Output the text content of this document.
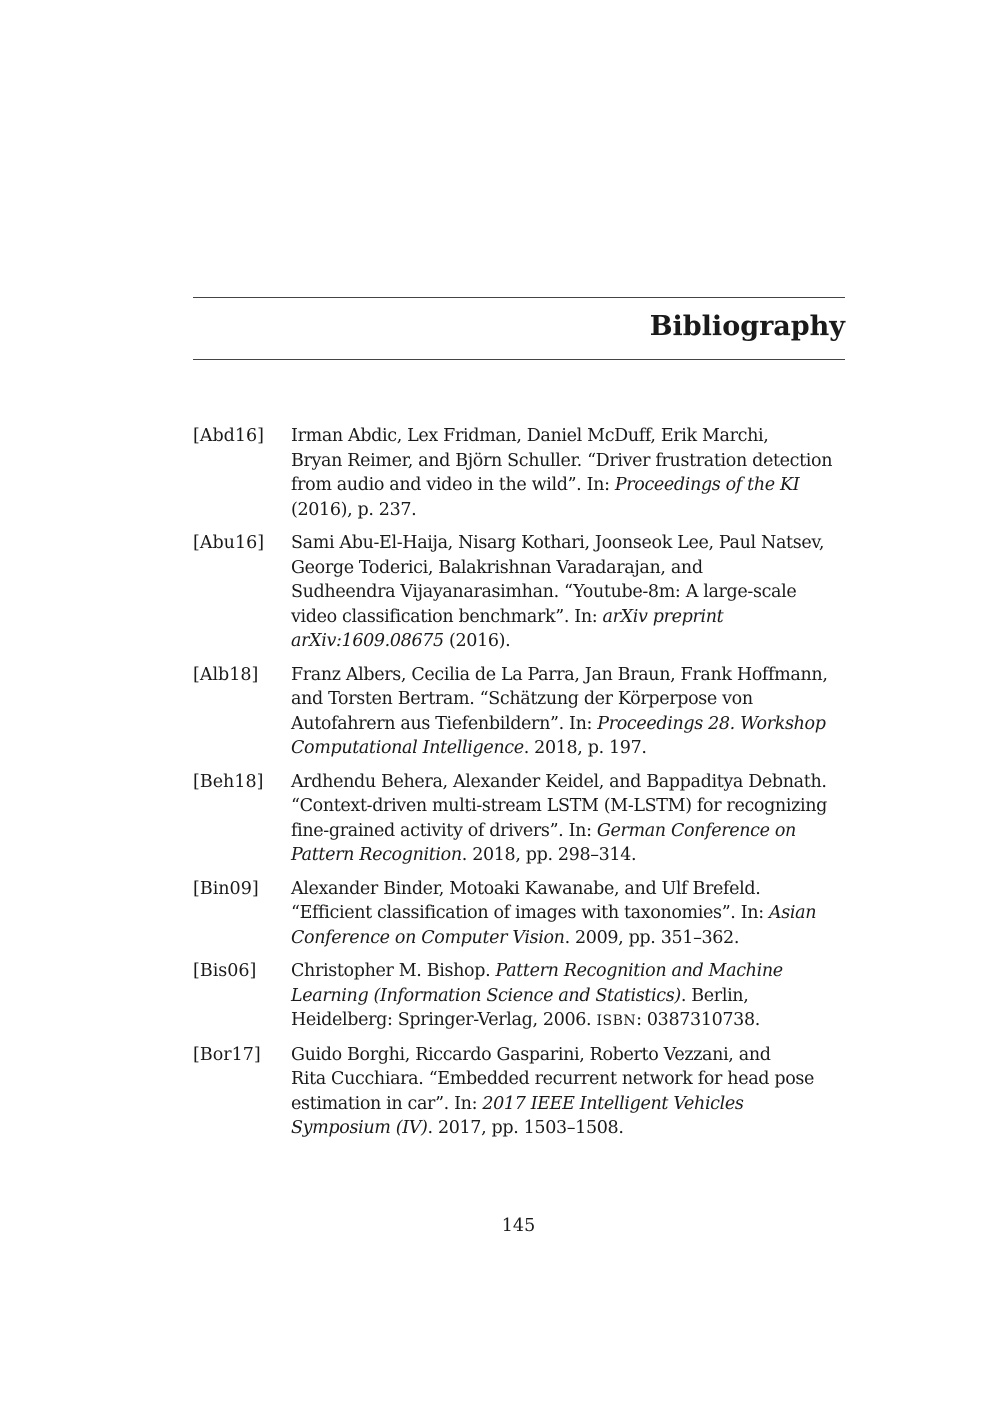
Bibliography
[Abd16]	Irman Abdic, Lex Fridman, Daniel McDuff, Erik Marchi,
Bryan Reimer, and Björn Schuller. “Driver frustration detection
from audio and video in the wild”. In: Proceedings of the KI
(2016), p. 237.
[Abu16]	Sami Abu-El-Haija, Nisarg Kothari, Joonseok Lee, Paul Natsev,
George Toderici, Balakrishnan Varadarajan, and
Sudheendra Vijayanarasimhan. “Youtube-8m: A large-scale
video classification benchmark”. In: arXiv preprint
arXiv:1609.08675 (2016).
[Alb18]	Franz Albers, Cecilia de La Parra, Jan Braun, Frank Hoffmann,
and Torsten Bertram. “Schätzung der Körperpose von
Autofahrern aus Tiefenbildern”. In: Proceedings 28. Workshop
Computational Intelligence. 2018, p. 197.
[Beh18]	Ardhendu Behera, Alexander Keidel, and Bappaditya Debnath.
“Context-driven multi-stream LSTM (M-LSTM) for recognizing
fine-grained activity of drivers”. In: German Conference on
Pattern Recognition. 2018, pp. 298–314.
[Bin09]	Alexander Binder, Motoaki Kawanabe, and Ulf Brefeld.
“Efficient classification of images with taxonomies”. In: Asian
Conference on Computer Vision. 2009, pp. 351–362.
[Bis06]	Christopher M. Bishop. Pattern Recognition and Machine
Learning (Information Science and Statistics). Berlin,
Heidelberg: Springer-Verlag, 2006. ISBN: 0387310738.
[Bor17]	Guido Borghi, Riccardo Gasparini, Roberto Vezzani, and
Rita Cucchiara. “Embedded recurrent network for head pose
estimation in car”. In: 2017 IEEE Intelligent Vehicles
Symposium (IV). 2017, pp. 1503–1508.
145
